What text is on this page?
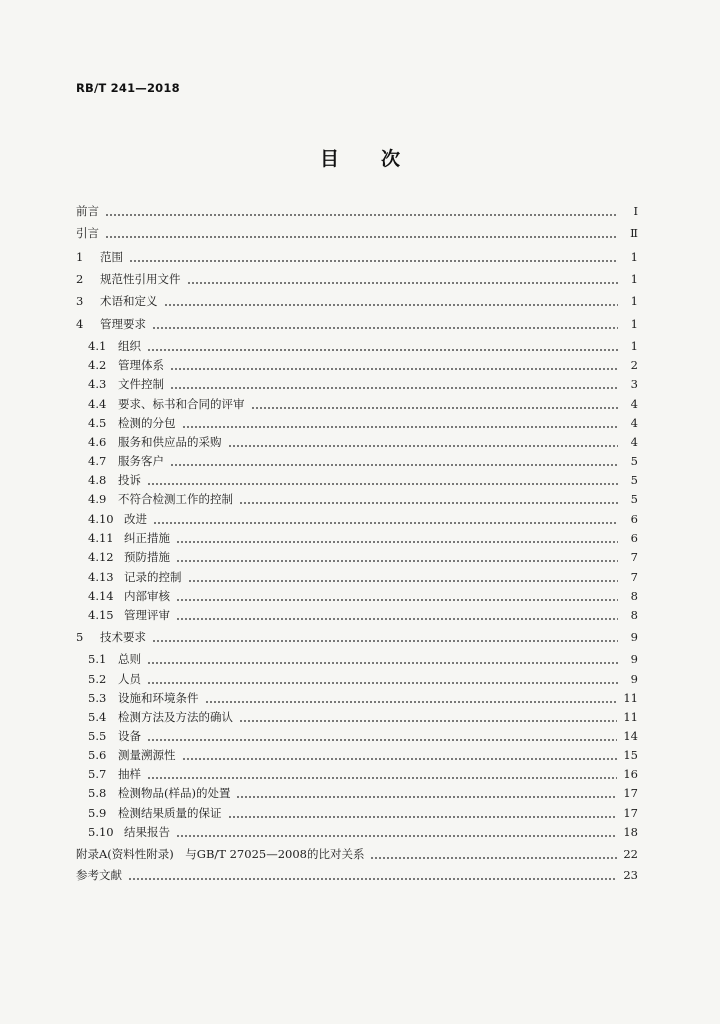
RB/T 241—2018
目 次
前言	Ⅰ
引言	Ⅱ
1	范围	1
2	规范性引用文件	1
3	术语和定义	1
4	管理要求	1
4.1	组织	1
4.2	管理体系	2
4.3	文件控制	3
4.4	要求、标书和合同的评审	4
4.5	检测的分包	4
4.6	服务和供应品的采购	4
4.7	服务客户	5
4.8	投诉	5
4.9	不符合检测工作的控制	5
4.10 改进	6
4.11 纠正措施	6
4.12 预防措施	7
4.13 记录的控制	7
4.14 内部审核	8
4.15 管理评审	8
5	技术要求	9
5.1	总则	9
5.2	人员	9
5.3	设施和环境条件	11
5.4	检测方法及方法的确认	11
5.5	设备	14
5.6	测量溯源性	15
5.7	抽样	16
5.8	检测物品(样品)的处置	17
5.9	检测结果质量的保证	17
5.10 结果报告	18
附录A(资料性附录)　与GB/T 27025—2008的比对关系	22
参考文献	23
